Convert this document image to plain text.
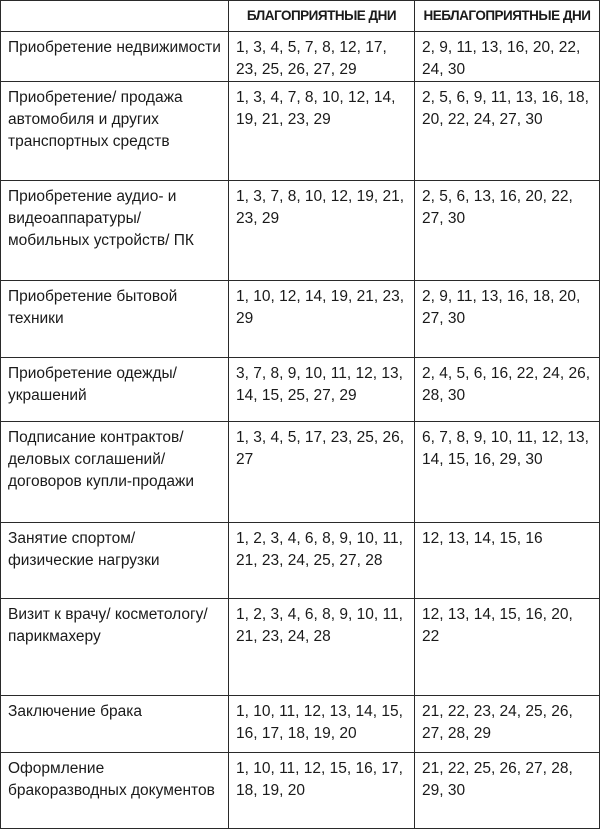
	БЛАГОПРИЯТНЫЕ ДНИ	НЕБЛАГОПРИЯТНЫЕ ДНИ
Приобретение недвижимости	1, 3, 4, 5, 7, 8, 12, 17, 23, 25, 26, 27, 29	2, 9, 11, 13, 16, 20, 22, 24, 30
Приобретение/ продажа автомобиля и других транспортных средств	1, 3, 4, 7, 8, 10, 12, 14, 19, 21, 23, 29	2, 5, 6, 9, 11, 13, 16, 18, 20, 22, 24, 27, 30
Приобретение аудио- и видеоаппаратуры/ мобильных устройств/ ПК	1, 3, 7, 8, 10, 12, 19, 21, 23, 29	2, 5, 6, 13, 16, 20, 22, 27, 30
Приобретение бытовой техники	1, 10, 12, 14, 19, 21, 23, 29	2, 9, 11, 13, 16, 18, 20, 27, 30
Приобретение одежды/ украшений	3, 7, 8, 9, 10, 11, 12, 13, 14, 15, 25, 27, 29	2, 4, 5, 6, 16, 22, 24, 26, 28, 30
Подписание контрактов/ деловых соглашений/ договоров купли-продажи	1, 3, 4, 5, 17, 23, 25, 26, 27	6, 7, 8, 9, 10, 11, 12, 13, 14, 15, 16, 29, 30
Занятие спортом/ физические нагрузки	1, 2, 3, 4, 6, 8, 9, 10, 11, 21, 23, 24, 25, 27, 28	12, 13, 14, 15, 16
Визит к врачу/ косметологу/ парикмахеру	1, 2, 3, 4, 6, 8, 9, 10, 11, 21, 23, 24, 28	12, 13, 14, 15, 16, 20, 22
Заключение брака	1, 10, 11, 12, 13, 14, 15, 16, 17, 18, 19, 20	21, 22, 23, 24, 25, 26, 27, 28, 29
Оформление бракоразводных документов	1, 10, 11, 12, 15, 16, 17, 18, 19, 20	21, 22, 25, 26, 27, 28, 29, 30
